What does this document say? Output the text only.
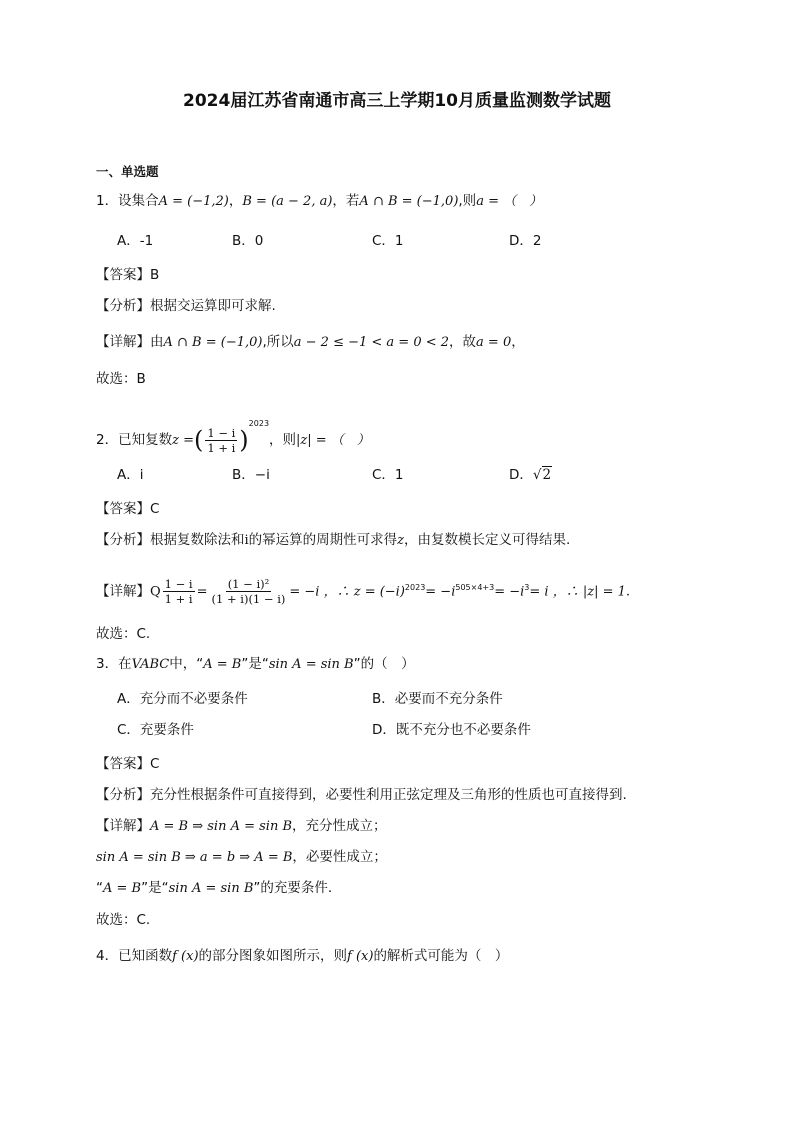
2024届江苏省南通市高三上学期10月质量监测数学试题
一、单选题
1．设集合A = (−1,2)，B = (a − 2, a)，若A ∩ B = (−1,0),则a = （　）
A．-1	B．0	C．1	D．2
【答案】B
【分析】根据交运算即可求解.
【详解】由A ∩ B = (−1,0),所以a − 2 ≤ −1 < a = 0 < 2，故a = 0，
故选：B
2．已知复数z =( $\frac{1 - i}{1 + i} )^{2023}$，则|z| = （　）
A．i	B．−i	C．1	D．√2
【答案】C
【分析】根据复数除法和i的幂运算的周期性可求得z，由复数模长定义可得结果.
【详解】Q $\frac{1 - i}{1 + i} = \frac{\text{(1 − i)²}}{(1 + i)(1 - i)} = -i$ ，∴ $z = (-i)^{2023}= -i^{505\times 4+3}= -i^3= i$ ，∴ |z| = 1.
故选：C.
3．在VABC中，“A = B”是“sin A = sin B”的（　）
A．充分而不必要条件	B．必要而不充分条件
C．充要条件	D．既不充分也不必要条件
【答案】C
【分析】充分性根据条件可直接得到，必要性利用正弦定理及三角形的性质也可直接得到.
【详解】A = B ⇒ sin A = sin B，充分性成立；
sin A = sin B ⇒ a = b ⇒ A = B，必要性成立；
“A = B”是“sin A = sin B”的充要条件.
故选：C.
4．已知函数f (x)的部分图象如图所示，则f (x)的解析式可能为（　）
